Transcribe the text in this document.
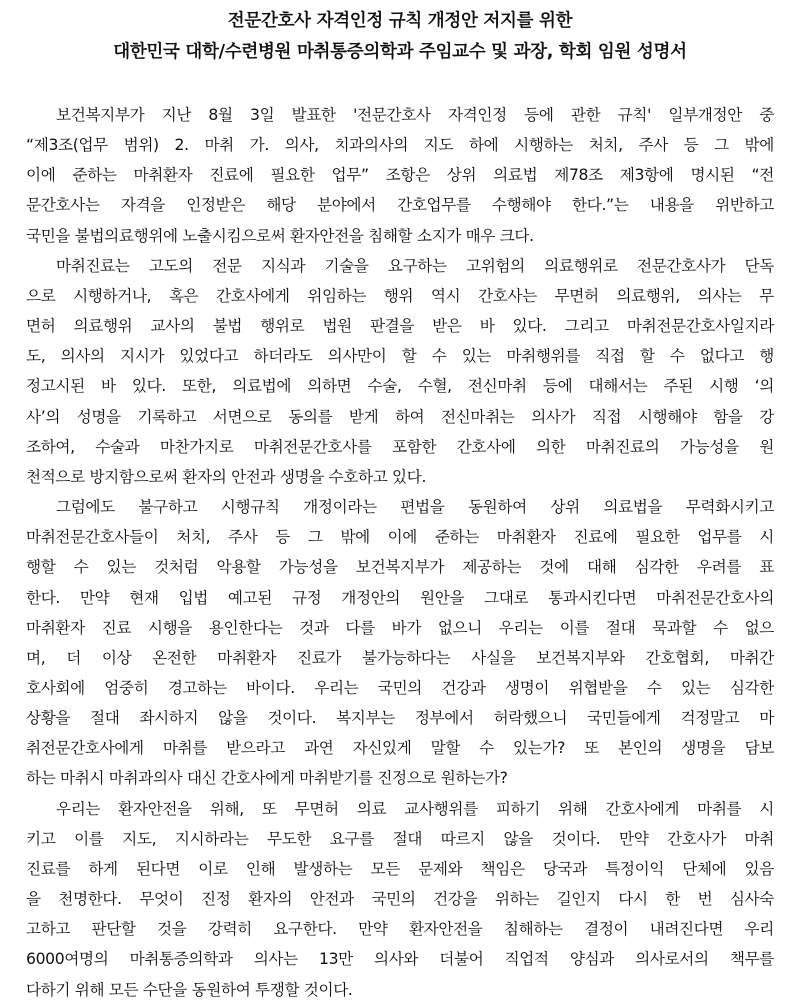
전문간호사 자격인정 규칙 개정안 저지를 위한
대한민국 대학/수련병원 마취통증의학과 주임교수 및 과장, 학회 임원 성명서

보건복지부가 지난 8월 3일 발표한 '전문간호사 자격인정 등에 관한 규칙' 일부개정안 중
“제3조(업무 범위) 2. 마취 가. 의사, 치과의사의 지도 하에 시행하는 처치, 주사 등 그 밖에
이에 준하는 마취환자 진료에 필요한 업무” 조항은 상위 의료법 제78조 제3항에 명시된 “전
문간호사는 자격을 인정받은 해당 분야에서 간호업무를 수행해야 한다.”는 내용을 위반하고
국민을 불법의료행위에 노출시킴으로써 환자안전을 침해할 소지가 매우 크다.

마취진료는 고도의 전문 지식과 기술을 요구하는 고위험의 의료행위로 전문간호사가 단독
으로 시행하거나, 혹은 간호사에게 위임하는 행위 역시 간호사는 무면허 의료행위, 의사는 무
면허 의료행위 교사의 불법 행위로 법원 판결을 받은 바 있다. 그리고 마취전문간호사일지라
도, 의사의 지시가 있었다고 하더라도 의사만이 할 수 있는 마취행위를 직접 할 수 없다고 행
정고시된 바 있다. 또한, 의료법에 의하면 수술, 수혈, 전신마취 등에 대해서는 주된 시행 ‘의
사’의 성명을 기록하고 서면으로 동의를 받게 하여 전신마취는 의사가 직접 시행해야 함을 강
조하여, 수술과 마찬가지로 마취전문간호사를 포함한 간호사에 의한 마취진료의 가능성을 원
천적으로 방지함으로써 환자의 안전과 생명을 수호하고 있다.

그럼에도 불구하고 시행규칙 개정이라는 편법을 동원하여 상위 의료법을 무력화시키고
마취전문간호사들이 처치, 주사 등 그 밖에 이에 준하는 마취환자 진료에 필요한 업무를 시
행할 수 있는 것처럼 악용할 가능성을 보건복지부가 제공하는 것에 대해 심각한 우려를 표
한다. 만약 현재 입법 예고된 규정 개정안의 원안을 그대로 통과시킨다면 마취전문간호사의
마취환자 진료 시행을 용인한다는 것과 다를 바가 없으니 우리는 이를 절대 묵과할 수 없으
며, 더 이상 온전한 마취환자 진료가 불가능하다는 사실을 보건복지부와 간호협회, 마취간
호사회에 엄중히 경고하는 바이다. 우리는 국민의 건강과 생명이 위협받을 수 있는 심각한
상황을 절대 좌시하지 않을 것이다. 복지부는 정부에서 허락했으니 국민들에게 걱정말고 마
취전문간호사에게 마취를 받으라고 과연 자신있게 말할 수 있는가? 또 본인의 생명을 담보
하는 마취시 마취과의사 대신 간호사에게 마취받기를 진정으로 원하는가?

우리는 환자안전을 위해, 또 무면허 의료 교사행위를 피하기 위해 간호사에게 마취를 시
키고 이를 지도, 지시하라는 무도한 요구를 절대 따르지 않을 것이다. 만약 간호사가 마취
진료를 하게 된다면 이로 인해 발생하는 모든 문제와 책임은 당국과 특정이익 단체에 있음
을 천명한다. 무엇이 진정 환자의 안전과 국민의 건강을 위하는 길인지 다시 한 번 심사숙
고하고 판단할 것을 강력히 요구한다. 만약 환자안전을 침해하는 결정이 내려진다면 우리
6000여명의 마취통증의학과 의사는 13만 의사와 더불어 직업적 양심과 의사로서의 책무를
다하기 위해 모든 수단을 동원하여 투쟁할 것이다.
